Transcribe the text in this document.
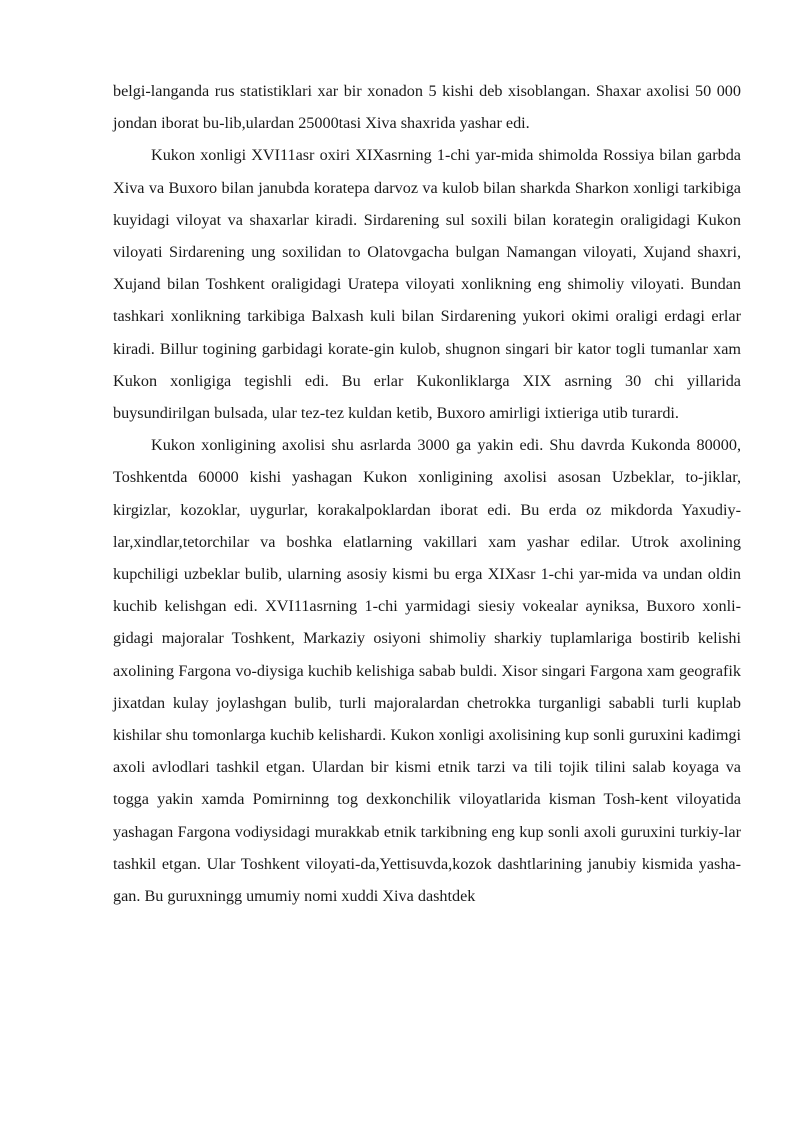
belgi-langanda rus statistiklari xar bir xonadon 5 kishi deb xisoblangan. Shaxar axolisi 50 000 jondan iborat bu-lib,ulardan 25000tasi Xiva shaxrida yashar edi.

Kukon xonligi XVI11asr oxiri XIXasrning 1-chi yar-mida shimolda Rossiya bilan garbda Xiva va Buxoro bilan janubda koratepa darvoz va kulob bilan sharkda Sharkon xonligi tarkibiga kuyidagi viloyat va shaxarlar kiradi. Sirdarening sul soxili bilan korategin oraligidagi Kukon viloyati Sirdarening ung soxilidan to Olatovgacha bulgan Namangan viloyati, Xujand shaxri, Xujand bilan Toshkent oraligidagi Uratepa viloyati xonlikning eng shimoliy viloyati. Bundan tashkari xonlikning tarkibiga Balxash kuli bilan Sirdarening yukori okimi oraligi erdagi erlar kiradi. Billur togining garbidagi korate-gin kulob, shugnon singari bir kator togli tumanlar xam Kukon xonligiga tegishli edi. Bu erlar Kukonliklarga XIX asrning 30 chi yillarida buysundirilgan bulsada, ular tez-tez kuldan ketib, Buxoro amirligi ixtieriga utib turardi.

Kukon xonligining axolisi shu asrlarda 3000 ga yakin edi. Shu davrda Kukonda 80000, Toshkentda 60000 kishi yashagan Kukon xonligining axolisi asosan Uzbeklar, to-jiklar, kirgizlar, kozoklar, uygurlar, korakalpoklardan iborat edi. Bu erda oz mikdorda Yaxudiy-lar,xindlar,tetorchilar va boshka elatlarning vakillari xam yashar edilar. Utrok axolining kupchiligi uzbeklar bulib, ularning asosiy kismi bu erga XIXasr 1-chi yar-mida va undan oldin kuchib kelishgan edi. XVI11asrning 1-chi yarmidagi siesiy vokealar ayniksa, Buxoro xonli-gidagi majoralar Toshkent, Markaziy osiyoni shimoliy sharkiy tuplamlariga bostirib kelishi axolining Fargona vo-diysiga kuchib kelishiga sabab buldi. Xisor singari Fargona xam geografik jixatdan kulay joylashgan bulib, turli majoralardan chetrokka turganligi sababli turli kuplab kishilar shu tomonlarga kuchib kelishardi. Kukon xonligi axolisining kup sonli guruxini kadimgi axoli avlodlari tashkil etgan. Ulardan bir kismi etnik tarzi va tili tojik tilini salab koyaga va togga yakin xamda Pomirninng tog dexkonchilik viloyatlarida kisman Tosh-kent viloyatida yashagan Fargona vodiysidagi murakkab etnik tarkibning eng kup sonli axoli guruxini turkiy-lar tashkil etgan. Ular Toshkent viloyati-da,Yettisuvda,kozok dashtlarining janubiy kismida yasha-gan. Bu guruxningg umumiy nomi xuddi Xiva dashtdek
